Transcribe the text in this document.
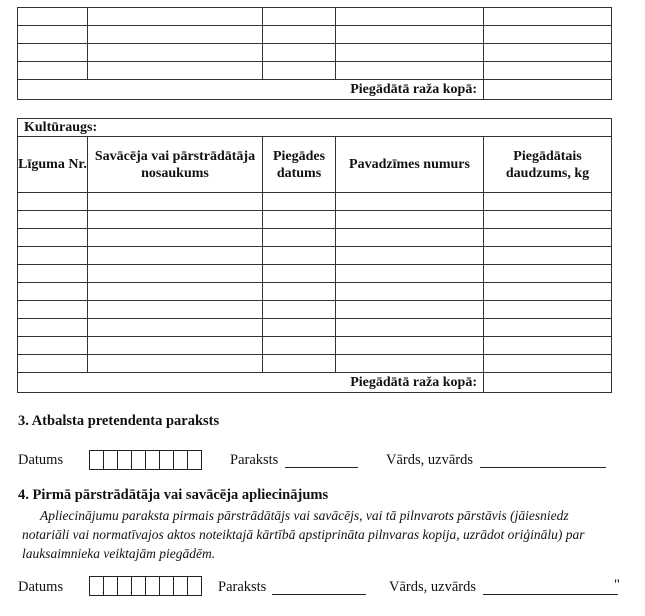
Piegādātā raža kopā:				
Kultūraugs:				
Līguma Nr.	Savācēja vai pārstrādātāja nosaukums	Piegādes datums	Pavadzīmes numurs	Piegādātais daudzums, kg

Piegādātā raža kopā:				
3. Atbalsta pretendenta paraksts
Datums	. .	Paraksts	Vārds, uzvārds
4. Pirmā pārstrādātāja vai savācēja apliecinājums
Apliecinājumu paraksta pirmais pārstrādātājs vai savācējs, vai tā pilnvarots pārstāvis (jāiesniedz notariāli vai normatīvajos aktos noteiktajā kārtībā apstiprināta pilnvaras kopija, uzrādot oriģinālu) par lauksaimnieka veiktajām piegādēm.
Datums	. .	Paraksts	Vārds, uzvārds	"
